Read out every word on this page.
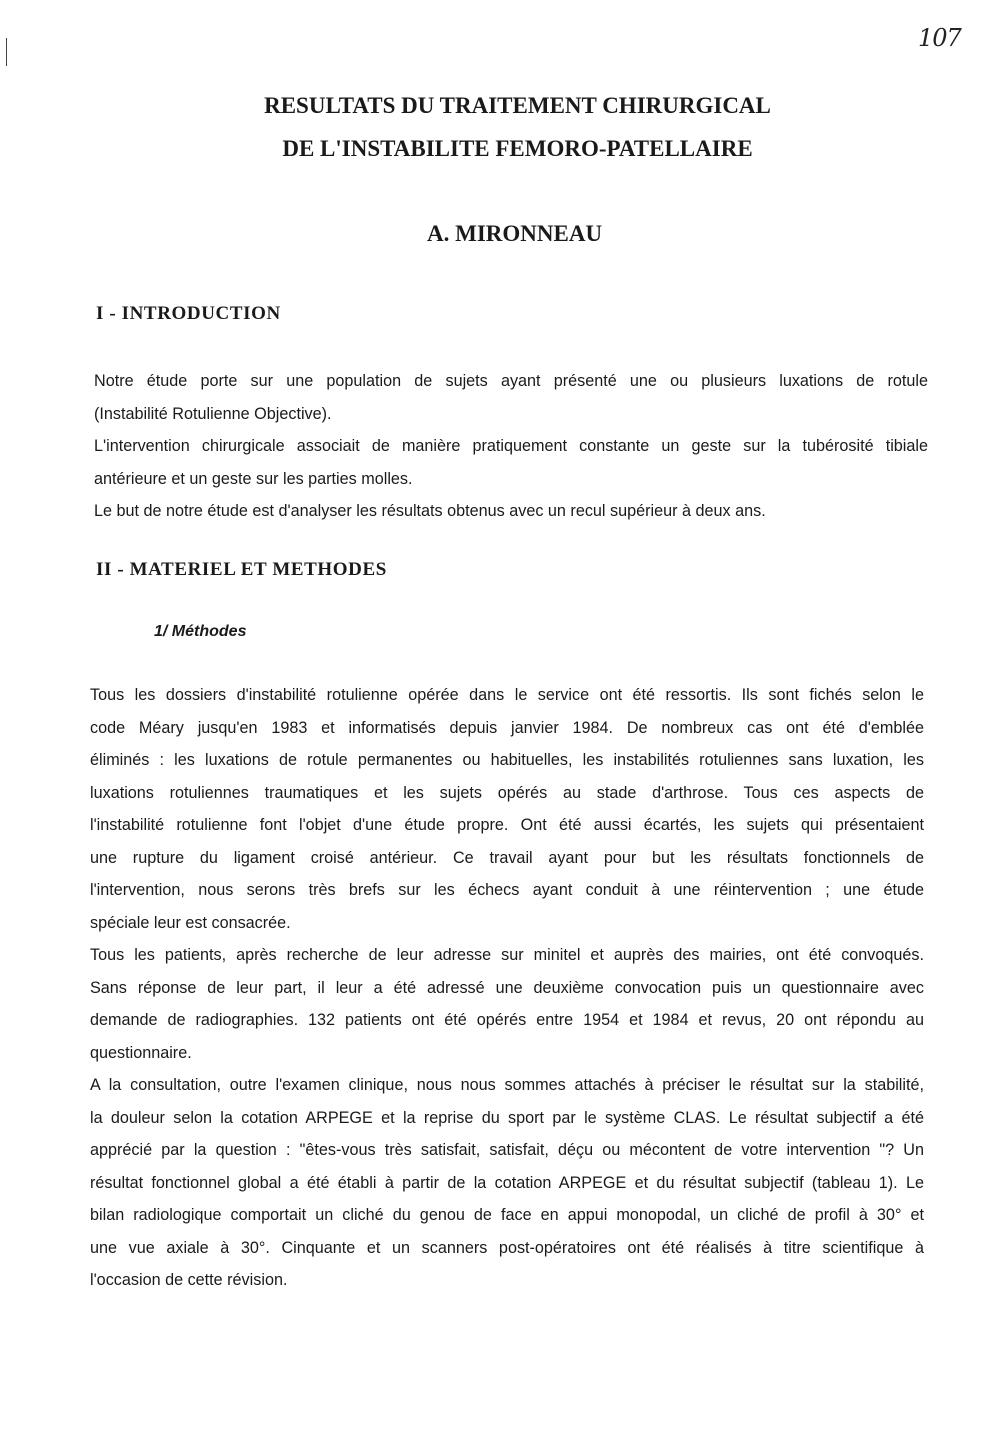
107
RESULTATS DU TRAITEMENT CHIRURGICAL
DE L'INSTABILITE FEMORO-PATELLAIRE
A. MIRONNEAU
I - INTRODUCTION
Notre étude porte sur une population de sujets ayant présenté une ou plusieurs luxations de rotule
(Instabilité Rotulienne Objective).
L'intervention chirurgicale associait de manière pratiquement constante un geste sur la tubérosité tibiale
antérieure et un geste sur les parties molles.
Le but de notre étude est d'analyser les résultats obtenus avec un recul supérieur à deux ans.
II - MATERIEL ET METHODES
1/ Méthodes
Tous les dossiers d'instabilité rotulienne opérée dans le service ont été ressortis. Ils sont fichés selon le
code Méary jusqu'en 1983 et informatisés depuis janvier 1984. De nombreux cas ont été d'emblée
éliminés : les luxations de rotule permanentes ou habituelles, les instabilités rotuliennes sans luxation, les
luxations rotuliennes traumatiques et les sujets opérés au stade d'arthrose. Tous ces aspects de
l'instabilité rotulienne font l'objet d'une étude propre. Ont été aussi écartés, les sujets qui présentaient
une rupture du ligament croisé antérieur. Ce travail ayant pour but les résultats fonctionnels de
l'intervention, nous serons très brefs sur les échecs ayant conduit à une réintervention ; une étude
spéciale leur est consacrée.
Tous les patients, après recherche de leur adresse sur minitel et auprès des mairies, ont été convoqués.
Sans réponse de leur part, il leur a été adressé une deuxième convocation puis un questionnaire avec
demande de radiographies. 132 patients ont été opérés entre 1954 et 1984 et revus, 20 ont répondu au
questionnaire.
A la consultation, outre l'examen clinique, nous nous sommes attachés à préciser le résultat sur la stabilité,
la douleur selon la cotation ARPEGE et la reprise du sport par le système CLAS. Le résultat subjectif a été
apprécié par la question : "êtes-vous très satisfait, satisfait, déçu ou mécontent de votre intervention "? Un
résultat fonctionnel global a été établi à partir de la cotation ARPEGE et du résultat subjectif (tableau 1). Le
bilan radiologique comportait un cliché du genou de face en appui monopodal, un cliché de profil à 30° et
une vue axiale à 30°. Cinquante et un scanners post-opératoires ont été réalisés à titre scientifique à
l'occasion de cette révision.
